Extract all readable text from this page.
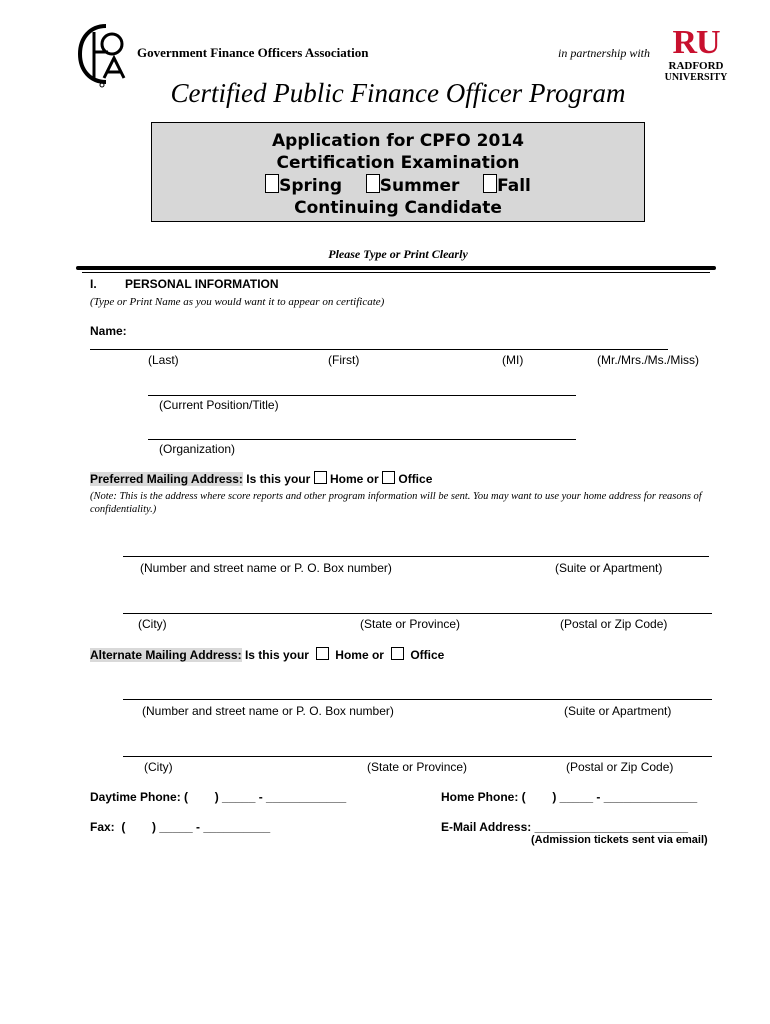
Government Finance Officers Association	in partnership with RU
RADFORD
UNIVERSITY
Certified Public Finance Officer Program
Application for CPFO 2014
Certification Examination
Spring Summer Fall
Continuing Candidate
Please Type or Print Clearly
I. PERSONAL INFORMATION
(Type or Print Name as you would want it to appear on certificate)
Name:
(Last)	(First)	(MI)	(Mr./Mrs./Ms./Miss)
(Current Position/Title)
(Organization)
Preferred Mailing Address: Is this your Home or Office
(Note: This is the address where score reports and other program information will be sent. You may want to use your home address for reasons of confidentiality.)
(Number and street name or P. O. Box number)	(Suite or Apartment)
(City)	(State or Province)	(Postal or Zip Code)
Alternate Mailing Address: Is this your Home or Office
(Number and street name or P. O. Box number)	(Suite or Apartment)
(City)	(State or Province)	(Postal or Zip Code)
Daytime Phone: (        ) _____ - ____________	Home Phone: (        ) _____ - ______________
Fax:  (        ) _____ - __________	E-Mail Address: _______________________
(Admission tickets sent via email)
